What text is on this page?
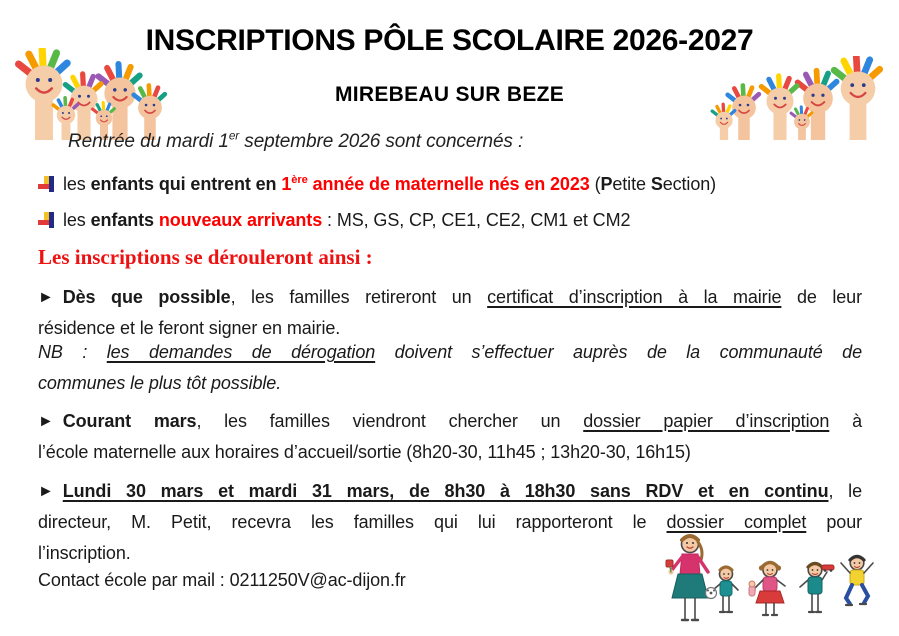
INSCRIPTIONS PÔLE SCOLAIRE 2026-2027
MIREBEAU SUR BEZE
Rentrée du mardi 1er septembre 2026 sont concernés :
les enfants qui entrent en 1ère année de maternelle nés en 2023 (Petite Section)
les enfants nouveaux arrivants : MS, GS, CP, CE1, CE2, CM1 et CM2
Les inscriptions se dérouleront ainsi :
► Dès que possible, les familles retireront un certificat d’inscription à la mairie de leur
résidence et le feront signer en mairie.
NB : les demandes de dérogation doivent s’effectuer auprès de la communauté de
communes le plus tôt possible.
► Courant mars, les familles viendront chercher un dossier papier d’inscription à
l’école maternelle aux horaires d’accueil/sortie (8h20-30, 11h45 ; 13h20-30, 16h15)
► Lundi 30 mars et mardi 31 mars, de 8h30 à 18h30 sans RDV et en continu, le
directeur, M. Petit, recevra les familles qui lui rapporteront le dossier complet pour
l’inscription.
Contact école par mail : 0211250V@ac-dijon.fr
